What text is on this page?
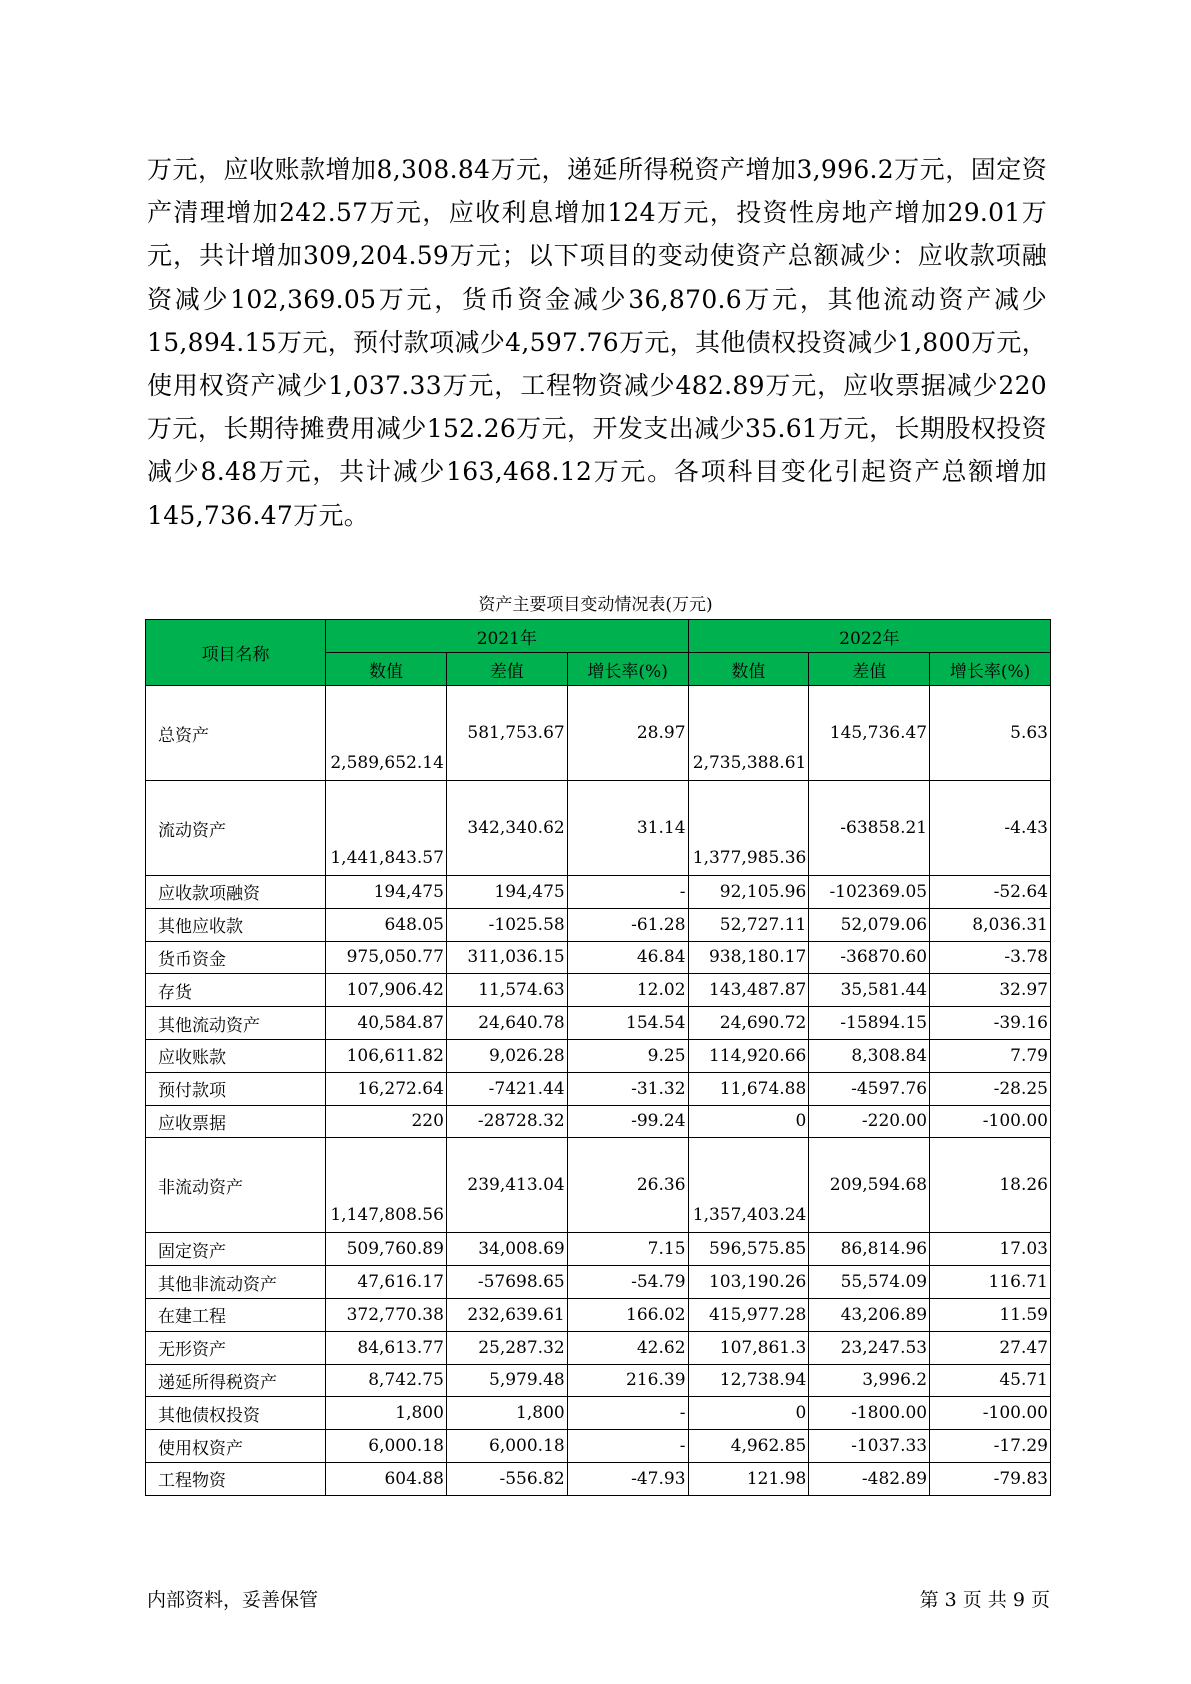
万元，应收账款增加8,308.84万元，递延所得税资产增加3,996.2万元，固定资产清理增加242.57万元，应收利息增加124万元，投资性房地产增加29.01万元，共计增加309,204.59万元；以下项目的变动使资产总额减少：应收款项融资减少102,369.05万元，货币资金减少36,870.6万元，其他流动资产减少15,894.15万元，预付款项减少4,597.76万元，其他债权投资减少1,800万元，使用权资产减少1,037.33万元，工程物资减少482.89万元，应收票据减少220万元，长期待摊费用减少152.26万元，开发支出减少35.61万元，长期股权投资减少8.48万元，共计减少163,468.12万元。各项科目变化引起资产总额增加145,736.47万元。

资产主要项目变动情况表(万元)
项目名称	2021年			2022年		
	数值	差值	增长率(%)	数值	差值	增长率(%)
总资产	2,589,652.14	581,753.67	28.97	2,735,388.61	145,736.47	5.63
流动资产	1,441,843.57	342,340.62	31.14	1,377,985.36	-63858.21	-4.43
应收款项融资	194,475	194,475	-	92,105.96	-102369.05	-52.64
其他应收款	648.05	-1025.58	-61.28	52,727.11	52,079.06	8,036.31
货币资金	975,050.77	311,036.15	46.84	938,180.17	-36870.60	-3.78
存货	107,906.42	11,574.63	12.02	143,487.87	35,581.44	32.97
其他流动资产	40,584.87	24,640.78	154.54	24,690.72	-15894.15	-39.16
应收账款	106,611.82	9,026.28	9.25	114,920.66	8,308.84	7.79
预付款项	16,272.64	-7421.44	-31.32	11,674.88	-4597.76	-28.25
应收票据	220	-28728.32	-99.24	0	-220.00	-100.00
非流动资产	1,147,808.56	239,413.04	26.36	1,357,403.24	209,594.68	18.26
固定资产	509,760.89	34,008.69	7.15	596,575.85	86,814.96	17.03
其他非流动资产	47,616.17	-57698.65	-54.79	103,190.26	55,574.09	116.71
在建工程	372,770.38	232,639.61	166.02	415,977.28	43,206.89	11.59
无形资产	84,613.77	25,287.32	42.62	107,861.3	23,247.53	27.47
递延所得税资产	8,742.75	5,979.48	216.39	12,738.94	3,996.2	45.71
其他债权投资	1,800	1,800	-	0	-1800.00	-100.00
使用权资产	6,000.18	6,000.18	-	4,962.85	-1037.33	-17.29
工程物资	604.88	-556.82	-47.93	121.98	-482.89	-79.83
内部资料，妥善保管	第 3 页 共 9 页
